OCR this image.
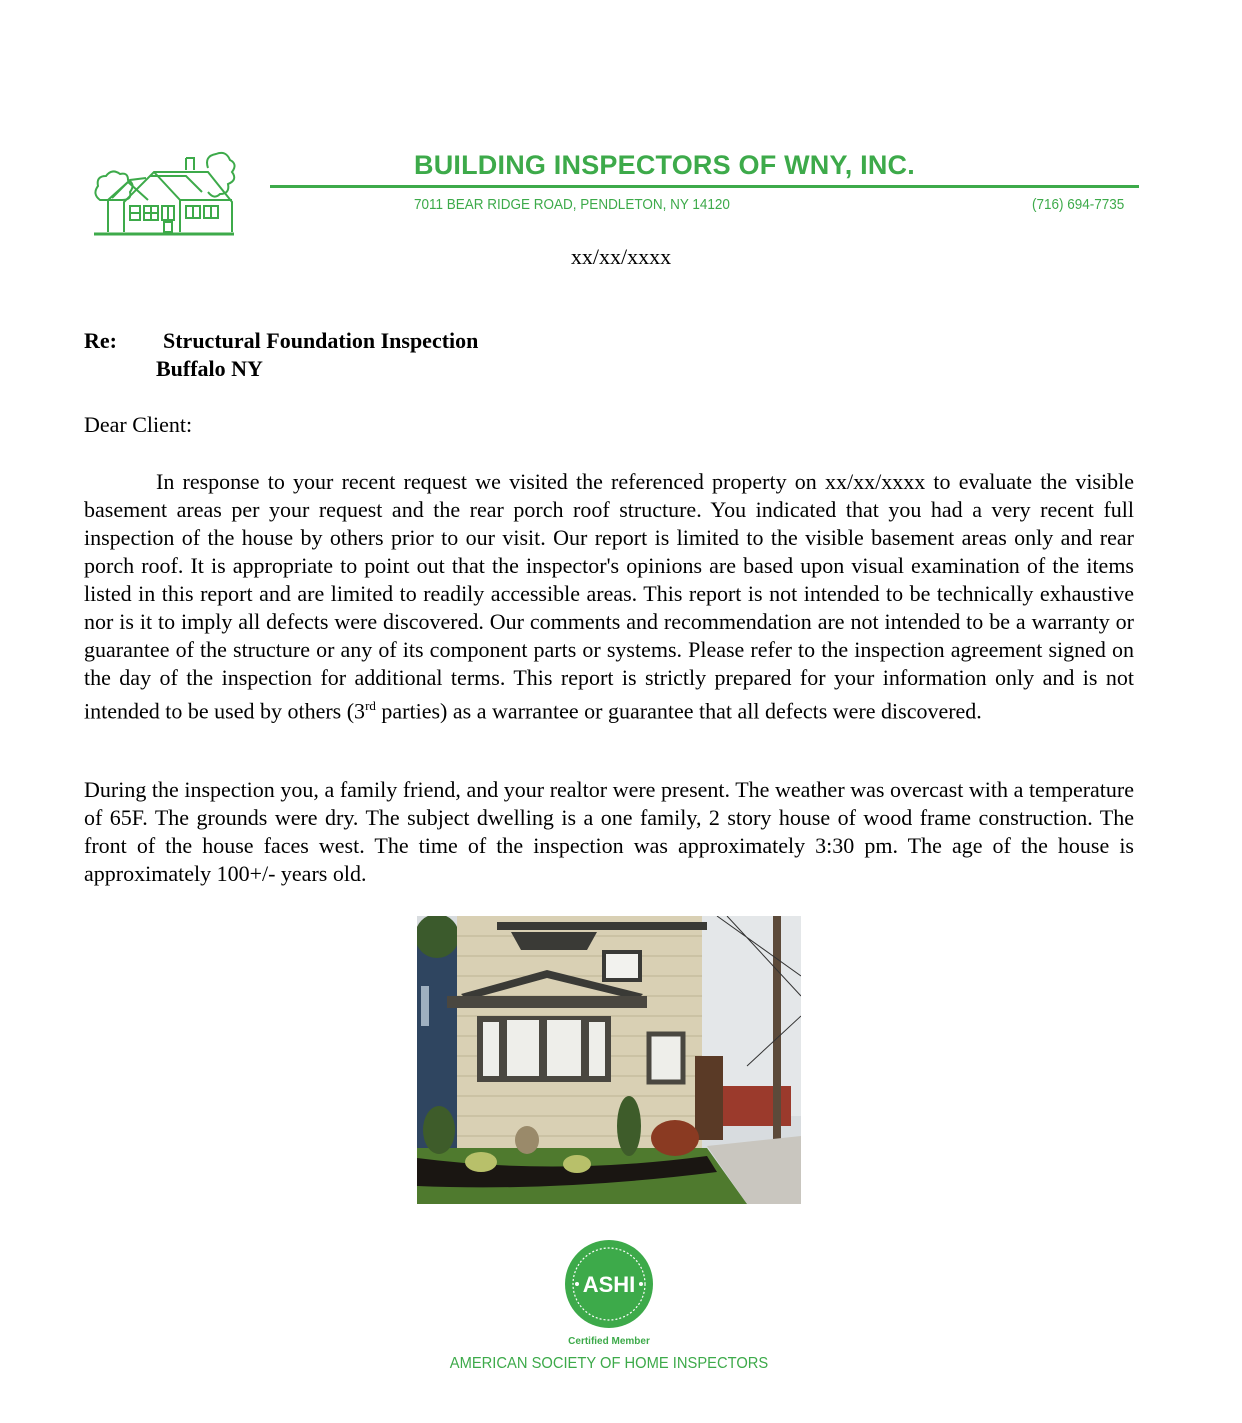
BUILDING INSPECTORS OF WNY, INC.
7011 BEAR RIDGE ROAD, PENDLETON, NY 14120	(716) 694-7735
xx/xx/xxxx
Re: Structural Foundation Inspection
Buffalo NY
Dear Client:

In response to your recent request we visited the referenced property on xx/xx/xxxx to evaluate the visible basement areas per your request and the rear porch roof structure. You indicated that you had a very recent full inspection of the house by others prior to our visit. Our report is limited to the visible basement areas only and rear porch roof. It is appropriate to point out that the inspector's opinions are based upon visual examination of the items listed in this report and are limited to readily accessible areas. This report is not intended to be technically exhaustive nor is it to imply all defects were discovered. Our comments and recommendation are not intended to be a warranty or guarantee of the structure or any of its component parts or systems. Please refer to the inspection agreement signed on the day of the inspection for additional terms. This report is strictly prepared for your information only and is not intended to be used by others (3rd parties) as a warrantee or guarantee that all defects were discovered.

During the inspection you, a family friend, and your realtor were present. The weather was overcast with a temperature of 65F. The grounds were dry. The subject dwelling is a one family, 2 story house of wood frame construction. The front of the house faces west. The time of the inspection was approximately 3:30 pm. The age of the house is approximately 100+/- years old.

ASHI
Certified Member
AMERICAN SOCIETY OF HOME INSPECTORS
